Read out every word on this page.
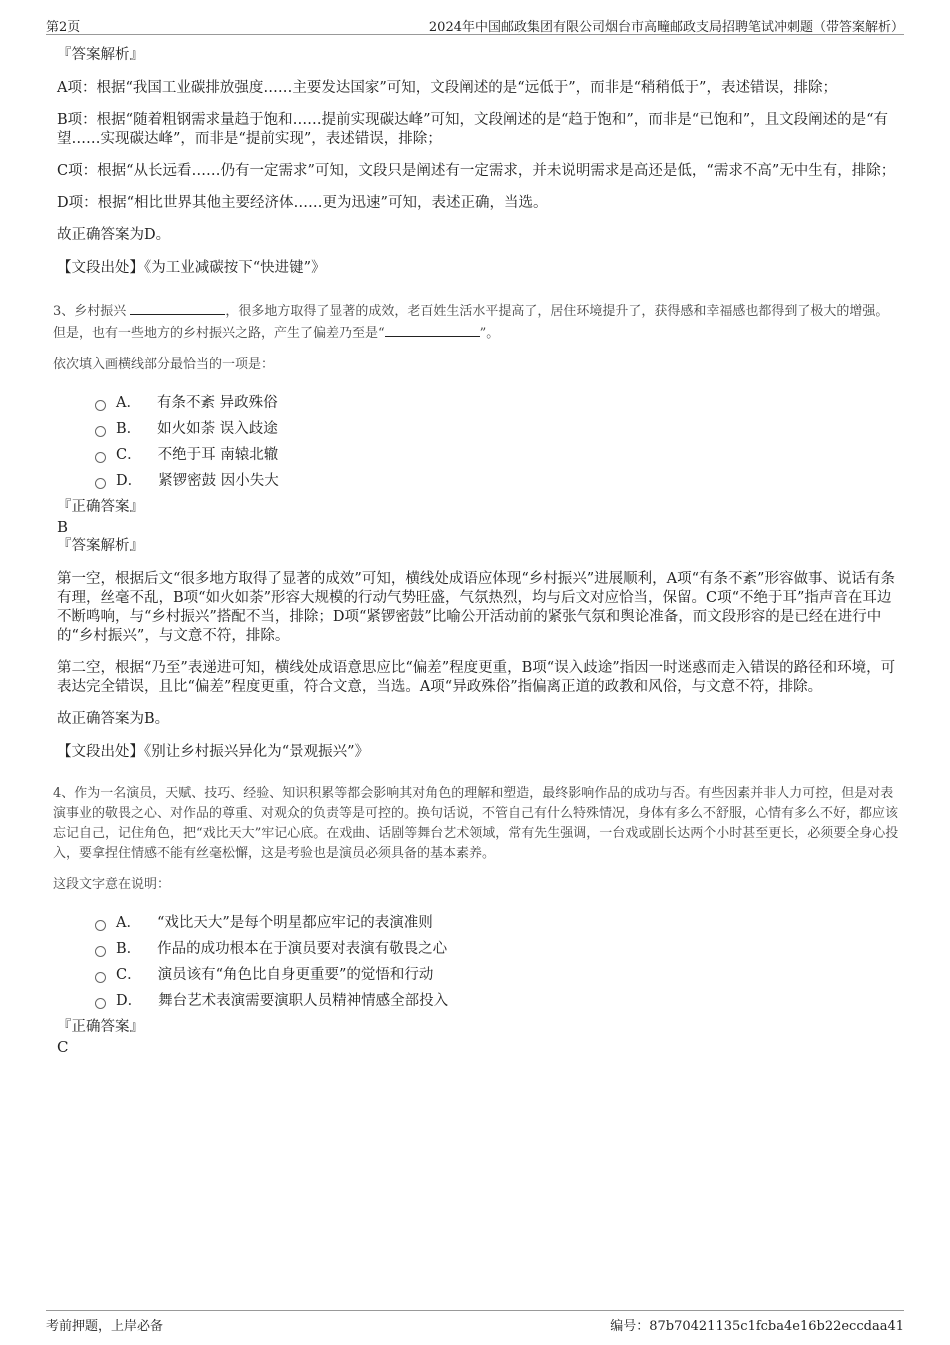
第2页	2024年中国邮政集团有限公司烟台市高疃邮政支局招聘笔试冲刺题（带答案解析）

『答案解析』

A项：根据“我国工业碳排放强度……主要发达国家”可知，文段阐述的是“远低于”，而非是“稍稍低于”，表述错误，排除；

B项：根据“随着粗钢需求量趋于饱和……提前实现碳达峰”可知，文段阐述的是“趋于饱和”，而非是“已饱和”，且文段阐述的是“有望……实现碳达峰”，而非是“提前实现”，表述错误，排除；

C项：根据“从长远看……仍有一定需求”可知，文段只是阐述有一定需求，并未说明需求是高还是低，“需求不高”无中生有，排除；

D项：根据“相比世界其他主要经济体……更为迅速”可知，表述正确，当选。

故正确答案为D。

【文段出处】《为工业减碳按下“快进键”》

3、乡村振兴	，很多地方取得了显著的成效，老百姓生活水平提高了，居住环境提升了，获得感和幸福感也都得到了极大的增强。但是，也有一些地方的乡村振兴之路，产生了偏差乃至是“	”。

依次填入画横线部分最恰当的一项是：

A． 有条不紊 异政殊俗
B． 如火如荼 误入歧途
C． 不绝于耳 南辕北辙
D． 紧锣密鼓 因小失大

『正确答案』

B

『答案解析』

第一空，根据后文“很多地方取得了显著的成效”可知，横线处成语应体现“乡村振兴”进展顺利，A项“有条不紊”形容做事、说话有条有理，丝毫不乱，B项“如火如荼”形容大规模的行动气势旺盛，气氛热烈，均与后文对应恰当，保留。C项“不绝于耳”指声音在耳边不断鸣响，与“乡村振兴”搭配不当，排除；D项“紧锣密鼓”比喻公开活动前的紧张气氛和舆论准备，而文段形容的是已经在进行中的“乡村振兴”，与文意不符，排除。

第二空，根据“乃至”表递进可知，横线处成语意思应比“偏差”程度更重，B项“误入歧途”指因一时迷惑而走入错误的路径和环境，可表达完全错误，且比“偏差”程度更重，符合文意，当选。A项“异政殊俗”指偏离正道的政教和风俗，与文意不符，排除。

故正确答案为B。

【文段出处】《别让乡村振兴异化为“景观振兴”》

4、作为一名演员，天赋、技巧、经验、知识积累等都会影响其对角色的理解和塑造，最终影响作品的成功与否。有些因素并非人力可控，但是对表演事业的敬畏之心、对作品的尊重、对观众的负责等是可控的。换句话说，不管自己有什么特殊情况，身体有多么不舒服，心情有多么不好，都应该忘记自己，记住角色，把“戏比天大”牢记心底。在戏曲、话剧等舞台艺术领域，常有先生强调，一台戏或剧长达两个小时甚至更长，必须要全身心投入，要拿捏住情感不能有丝毫松懈，这是考验也是演员必须具备的基本素养。

这段文字意在说明：

A． “戏比天大”是每个明星都应牢记的表演准则
B． 作品的成功根本在于演员要对表演有敬畏之心
C． 演员该有“角色比自身更重要”的觉悟和行动
D． 舞台艺术表演需要演职人员精神情感全部投入

『正确答案』

C

考前押题，上岸必备	编号：87b70421135c1fcba4e16b22eccdaa41
